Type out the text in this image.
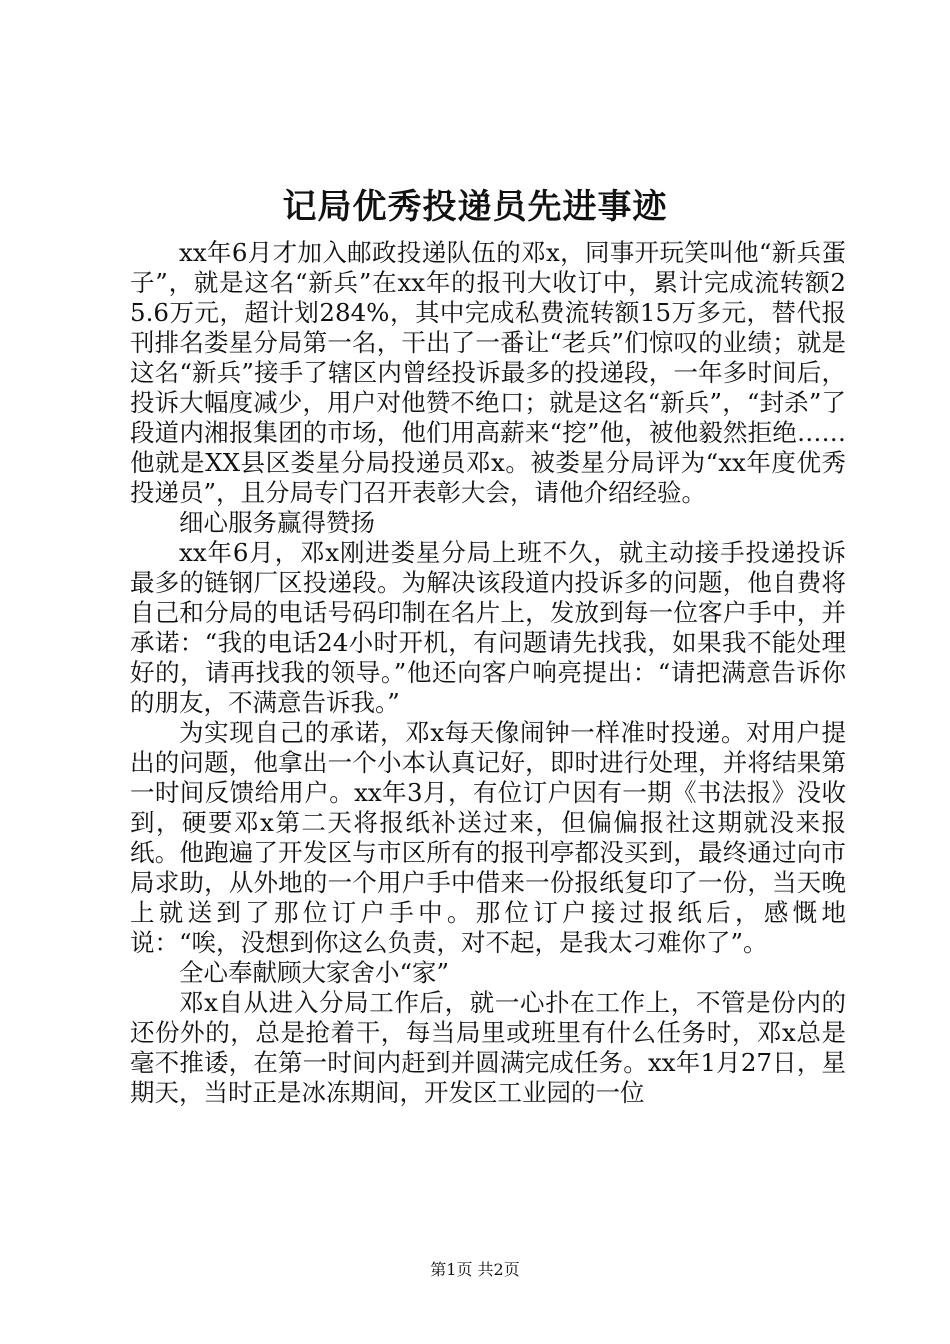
记局优秀投递员先进事迹

xx年6月才加入邮政投递队伍的邓x，同事开玩笑叫他“新兵蛋子”，就是这名“新兵”在xx年的报刊大收订中，累计完成流转额25.6万元，超计划284%，其中完成私费流转额15万多元，替代报刊排名娄星分局第一名，干出了一番让“老兵”们惊叹的业绩；就是这名“新兵”接手了辖区内曾经投诉最多的投递段，一年多时间后，投诉大幅度减少，用户对他赞不绝口；就是这名“新兵”，“封杀”了段道内湘报集团的市场，他们用高薪来“挖”他，被他毅然拒绝……他就是XX县区娄星分局投递员邓x。被娄星分局评为“xx年度优秀投递员”，且分局专门召开表彰大会，请他介绍经验。

细心服务赢得赞扬

xx年6月，邓x刚进娄星分局上班不久，就主动接手投递投诉最多的链钢厂区投递段。为解决该段道内投诉多的问题，他自费将自己和分局的电话号码印制在名片上，发放到每一位客户手中，并承诺：“我的电话24小时开机，有问题请先找我，如果我不能处理好的，请再找我的领导。”他还向客户响亮提出：“请把满意告诉你的朋友，不满意告诉我。”

为实现自己的承诺，邓x每天像闹钟一样准时投递。对用户提出的问题，他拿出一个小本认真记好，即时进行处理，并将结果第一时间反馈给用户。xx年3月，有位订户因有一期《书法报》没收到，硬要邓x第二天将报纸补送过来，但偏偏报社这期就没来报纸。他跑遍了开发区与市区所有的报刊亭都没买到，最终通过向市局求助，从外地的一个用户手中借来一份报纸复印了一份，当天晚上就送到了那位订户手中。那位订户接过报纸后，感慨地说：“唉，没想到你这么负责，对不起，是我太刁难你了”。

全心奉献顾大家舍小“家”

邓x自从进入分局工作后，就一心扑在工作上，不管是份内的还份外的，总是抢着干，每当局里或班里有什么任务时，邓x总是毫不推诿，在第一时间内赶到并圆满完成任务。xx年1月27日，星期天，当时正是冰冻期间，开发区工业园的一位

第1页 共2页
